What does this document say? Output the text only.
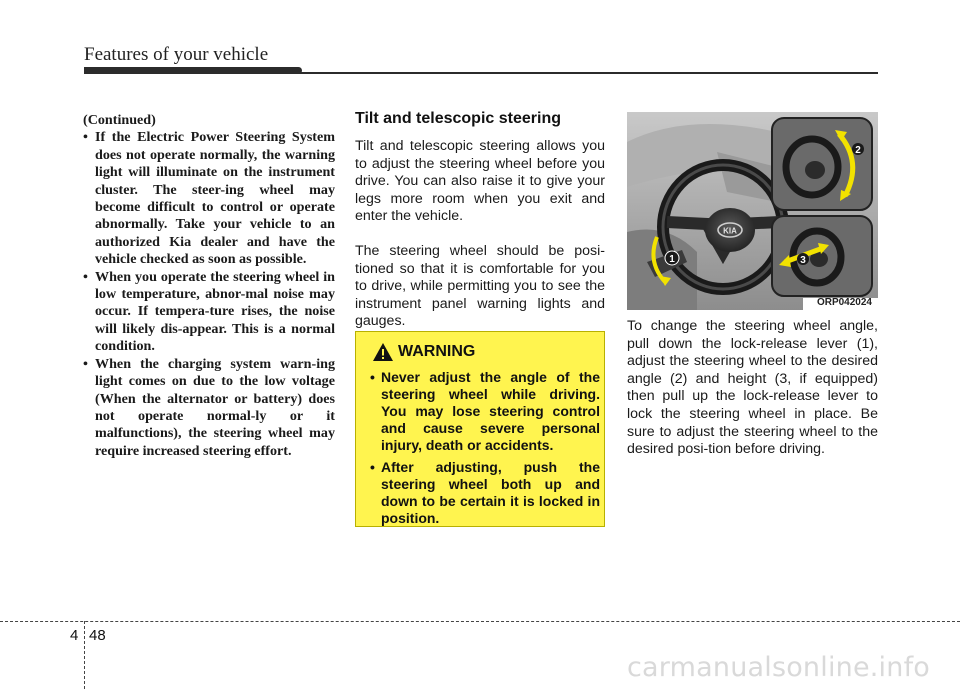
Features of your vehicle

(Continued)

• If the Electric Power Steering System does not operate normally, the warning light will illuminate on the instrument cluster. The steer-ing wheel may become difficult to control or operate abnormally. Take your vehicle to an authorized Kia dealer and have the vehicle checked as soon as possible.
• When you operate the steering wheel in low temperature, abnor-mal noise may occur. If tempera-ture rises, the noise will likely dis-appear. This is a normal condition.
• When the charging system warn-ing light comes on due to the low voltage (When the alternator or battery) does not operate normal-ly or it malfunctions), the steering wheel may require increased steering effort.
Tilt and telescopic steering

Tilt and telescopic steering allows you to adjust the steering wheel before you drive. You can also raise it to give your legs more room when you exit and enter the vehicle.

The steering wheel should be posi-tioned so that it is comfortable for you to drive, while permitting you to see the instrument panel warning lights and gauges.

WARNING
• Never adjust the angle of the steering wheel while driving. You may lose steering control and cause severe personal injury, death or accidents.
• After adjusting, push the steering wheel both up and down to be certain it is locked in position.
KIA
1
2
3
ORP042024

To change the steering wheel angle, pull down the lock-release lever (1), adjust the steering wheel to the desired angle (2) and height (3, if equipped) then pull up the lock-release lever to lock the steering wheel in place. Be sure to adjust the steering wheel to the desired posi-tion before driving.

4 48
carmanualsonline.info
